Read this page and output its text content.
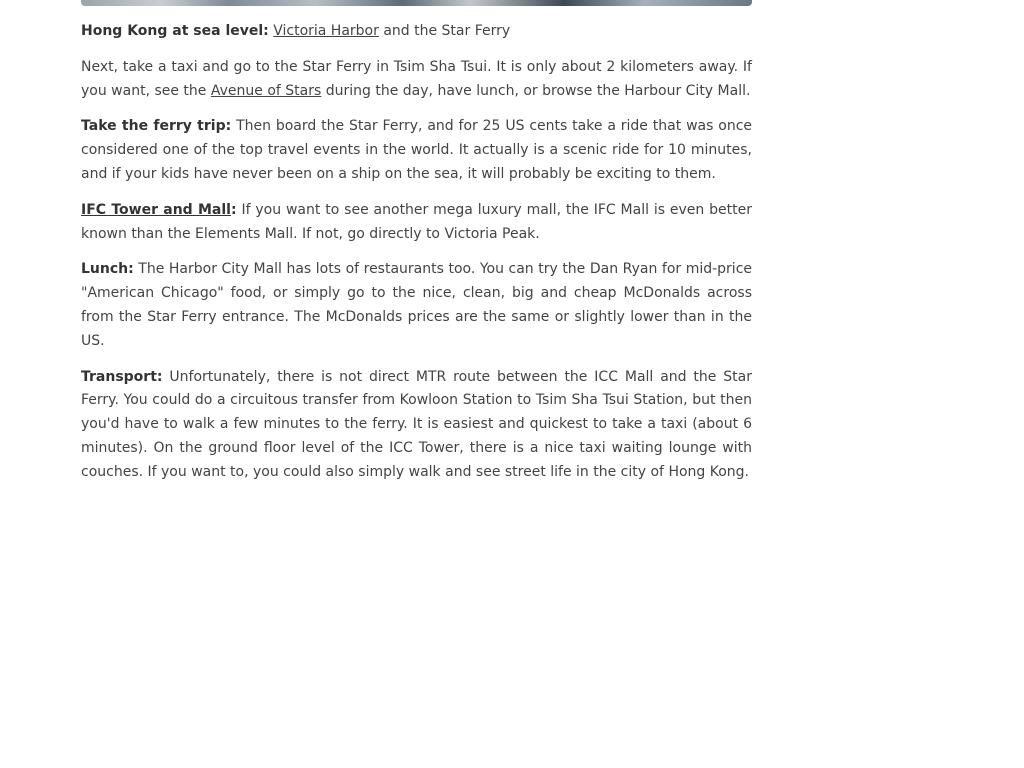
Hong Kong at sea level: Victoria Harbor and the Star Ferry

Next, take a taxi and go to the Star Ferry in Tsim Sha Tsui. It is only about 2 kilometers away. If you want, see the Avenue of Stars during the day, have lunch, or browse the Harbour City Mall.

Take the ferry trip: Then board the Star Ferry, and for 25 US cents take a ride that was once considered one of the top travel events in the world. It actually is a scenic ride for 10 minutes, and if your kids have never been on a ship on the sea, it will probably be exciting to them.

IFC Tower and Mall: If you want to see another mega luxury mall, the IFC Mall is even better known than the Elements Mall. If not, go directly to Victoria Peak.

Lunch: The Harbor City Mall has lots of restaurants too. You can try the Dan Ryan for mid-price "American Chicago" food, or simply go to the nice, clean, big and cheap McDonalds across from the Star Ferry entrance. The McDonalds prices are the same or slightly lower than in the US.

Transport: Unfortunately, there is not direct MTR route between the ICC Mall and the Star Ferry. You could do a circuitous transfer from Kowloon Station to Tsim Sha Tsui Station, but then you'd have to walk a few minutes to the ferry. It is easiest and quickest to take a taxi (about 6 minutes). On the ground floor level of the ICC Tower, there is a nice taxi waiting lounge with couches. If you want to, you could also simply walk and see street life in the city of Hong Kong.
